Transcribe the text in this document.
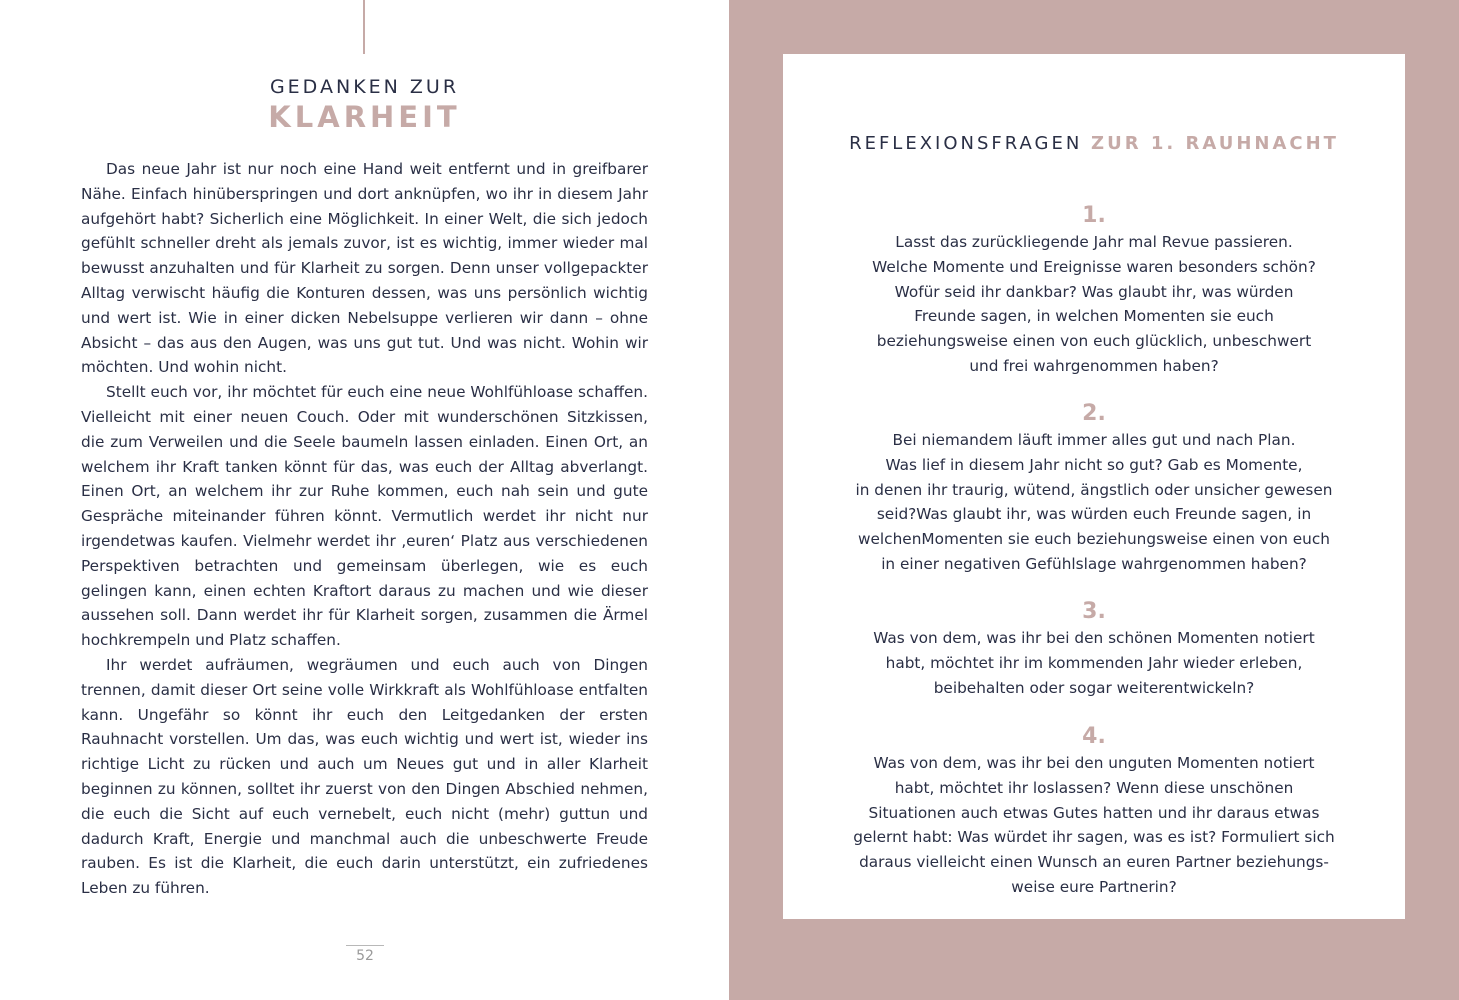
GEDANKEN ZUR
KLARHEIT

Das neue Jahr ist nur noch eine Hand weit entfernt und in greifbarer Nähe. Einfach hinüberspringen und dort anknüpfen, wo ihr in diesem Jahr aufgehört habt? Sicherlich eine Möglichkeit. In einer Welt, die sich jedoch gefühlt schneller dreht als jemals zuvor, ist es wichtig, immer wieder mal bewusst anzuhalten und für Klarheit zu sorgen. Denn unser vollgepackter Alltag verwischt häufig die Konturen dessen, was uns persönlich wichtig und wert ist. Wie in einer dicken Nebelsuppe verlieren wir dann – ohne Absicht – das aus den Augen, was uns gut tut. Und was nicht. Wohin wir möchten. Und wohin nicht.

Stellt euch vor, ihr möchtet für euch eine neue Wohlfühloase schaffen. Vielleicht mit einer neuen Couch. Oder mit wunderschönen Sitzkissen, die zum Verweilen und die Seele baumeln lassen einladen. Einen Ort, an welchem ihr Kraft tanken könnt für das, was euch der Alltag abverlangt. Einen Ort, an welchem ihr zur Ruhe kommen, euch nah sein und gute Gespräche miteinander führen könnt. Vermutlich werdet ihr nicht nur irgendetwas kaufen. Vielmehr werdet ihr ‚euren‘ Platz aus verschiedenen Perspektiven betrachten und gemeinsam überlegen, wie es euch gelingen kann, einen echten Kraftort daraus zu machen und wie dieser aussehen soll. Dann werdet ihr für Klarheit sorgen, zusammen die Ärmel hochkrempeln und Platz schaffen.

Ihr werdet aufräumen, wegräumen und euch auch von Dingen trennen, damit dieser Ort seine volle Wirkkraft als Wohlfühloase entfalten kann. Ungefähr so könnt ihr euch den Leitgedanken der ersten Rauhnacht vorstellen. Um das, was euch wichtig und wert ist, wieder ins richtige Licht zu rücken und auch um Neues gut und in aller Klarheit beginnen zu können, solltet ihr zuerst von den Dingen Abschied nehmen, die euch die Sicht auf euch vernebelt, euch nicht (mehr) guttun und dadurch Kraft, Energie und manchmal auch die unbeschwerte Freude rauben. Es ist die Klarheit, die euch darin unterstützt, ein zufriedenes Leben zu führen.

52
REFLEXIONSFRAGEN ZUR 1. RAUHNACHT
1.
Lasst das zurückliegende Jahr mal Revue passieren.
Welche Momente und Ereignisse waren besonders schön?
Wofür seid ihr dankbar? Was glaubt ihr, was würden
Freunde sagen, in welchen Momenten sie euch
beziehungsweise einen von euch glücklich, unbeschwert
und frei wahrgenommen haben?
2.
Bei niemandem läuft immer alles gut und nach Plan.
Was lief in diesem Jahr nicht so gut? Gab es Momente,
in denen ihr traurig, wütend, ängstlich oder unsicher gewesen
seid?Was glaubt ihr, was würden euch Freunde sagen, in
welchenMomenten sie euch beziehungsweise einen von euch
in einer negativen Gefühlslage wahrgenommen haben?
3.
Was von dem, was ihr bei den schönen Momenten notiert
habt, möchtet ihr im kommenden Jahr wieder erleben,
beibehalten oder sogar weiterentwickeln?
4.
Was von dem, was ihr bei den unguten Momenten notiert
habt, möchtet ihr loslassen? Wenn diese unschönen
Situationen auch etwas Gutes hatten und ihr daraus etwas
gelernt habt: Was würdet ihr sagen, was es ist? Formuliert sich
daraus vielleicht einen Wunsch an euren Partner beziehungs-
weise eure Partnerin?
